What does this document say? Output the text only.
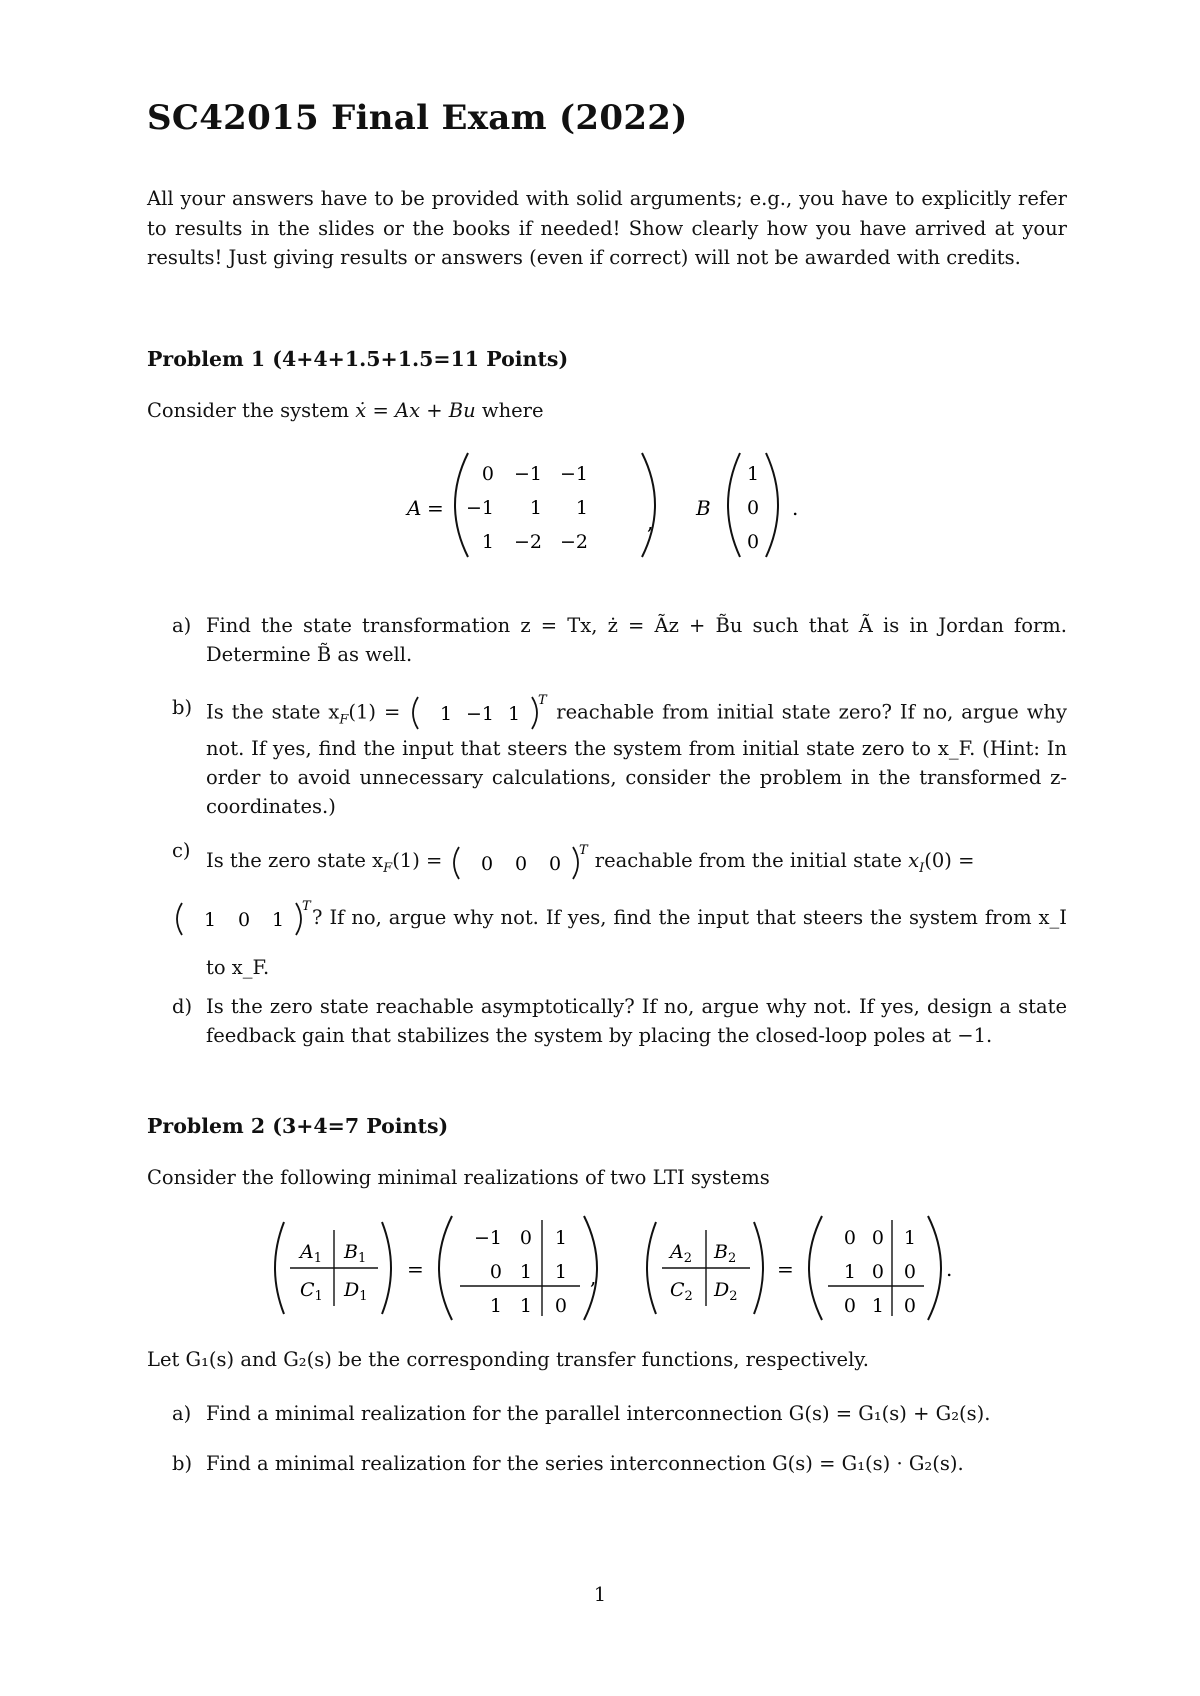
SC42015 Final Exam (2022)
All your answers have to be provided with solid arguments; e.g., you have to explicitly refer to results in the slides or the books if needed! Show clearly how you have arrived at your results! Just giving results or answers (even if correct) will not be awarded with credits.
Problem 1 (4+4+1.5+1.5=11 Points)
Consider the system ẋ = Ax + Bu where
A =
0 −1 −1
−1 1 1
1 −2 −2
,
B
1
0
0
.
a) Find the state transformation z = Tx, ż = Ãz + B̃u such that Ã is in Jordan form. Determine B̃ as well.
b) Is the state $x_F(1) = 1 -1$ 1
T reachable from initial state zero? If no, argue why not. If yes, find the input that steers the system from initial state zero to x_F. (Hint: In order to avoid unnecessary calculations, consider the problem in the transformed z-coordinates.)
c) Is the zero state $x_F(1) = 0$ 0 0
T reachable from the initial state $x_I(0)$ =

1 0 1
T ? If no, argue why not. If yes, find the input that steers the system from x_I to x_F.
d) Is the zero state reachable asymptotically? If no, argue why not. If yes, design a state feedback gain that stabilizes the system by placing the closed-loop poles at −1.
Problem 2 (3+4=7 Points)
Consider the following minimal realizations of two LTI systems
$A_1$ $B_1$
$C_1$ $D_1$
=
−1 0 1
0 1 1
1 1 0
,
$A_2$ $B_2$
$C_2$ $D_2$
=
0 0 1
1 0 0
0 1 0
.
Let G₁(s) and G₂(s) be the corresponding transfer functions, respectively.
a) Find a minimal realization for the parallel interconnection G(s) = G₁(s) + G₂(s).
b) Find a minimal realization for the series interconnection G(s) = G₁(s) · G₂(s).
1
